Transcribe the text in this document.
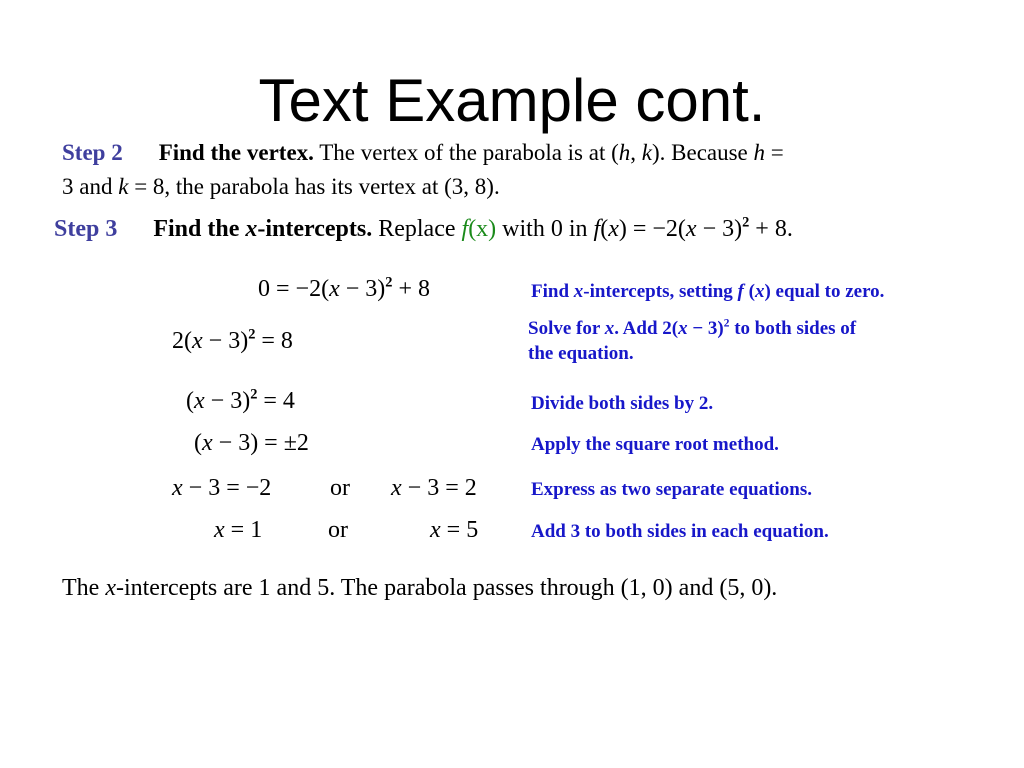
Text Example cont.
Step 2 Find the vertex. The vertex of the parabola is at (h, k). Because h =
3 and k = 8, the parabola has its vertex at (3, 8).
Step 3 Find the x-intercepts. Replace f(x) with 0 in $f(x) = -2(x - 3)^2 + 8$.
$0 = -2(x - 3)^2 + 8$
$2(x - 3)^2 = 8$
$(x - 3)^2 = 4$
(x − 3) = ±2
x − 3 = −2 or x − 3 = 2
x = 1	or	x = 5
Find x-intercepts, setting f (x) equal to zero.
Solve for x. Add $2(x - 3)^2$ to both sides of
the equation.
Divide both sides by 2.
Apply the square root method.
Express as two separate equations.
Add 3 to both sides in each equation.
The x-intercepts are 1 and 5. The parabola passes through (1, 0) and (5, 0).
